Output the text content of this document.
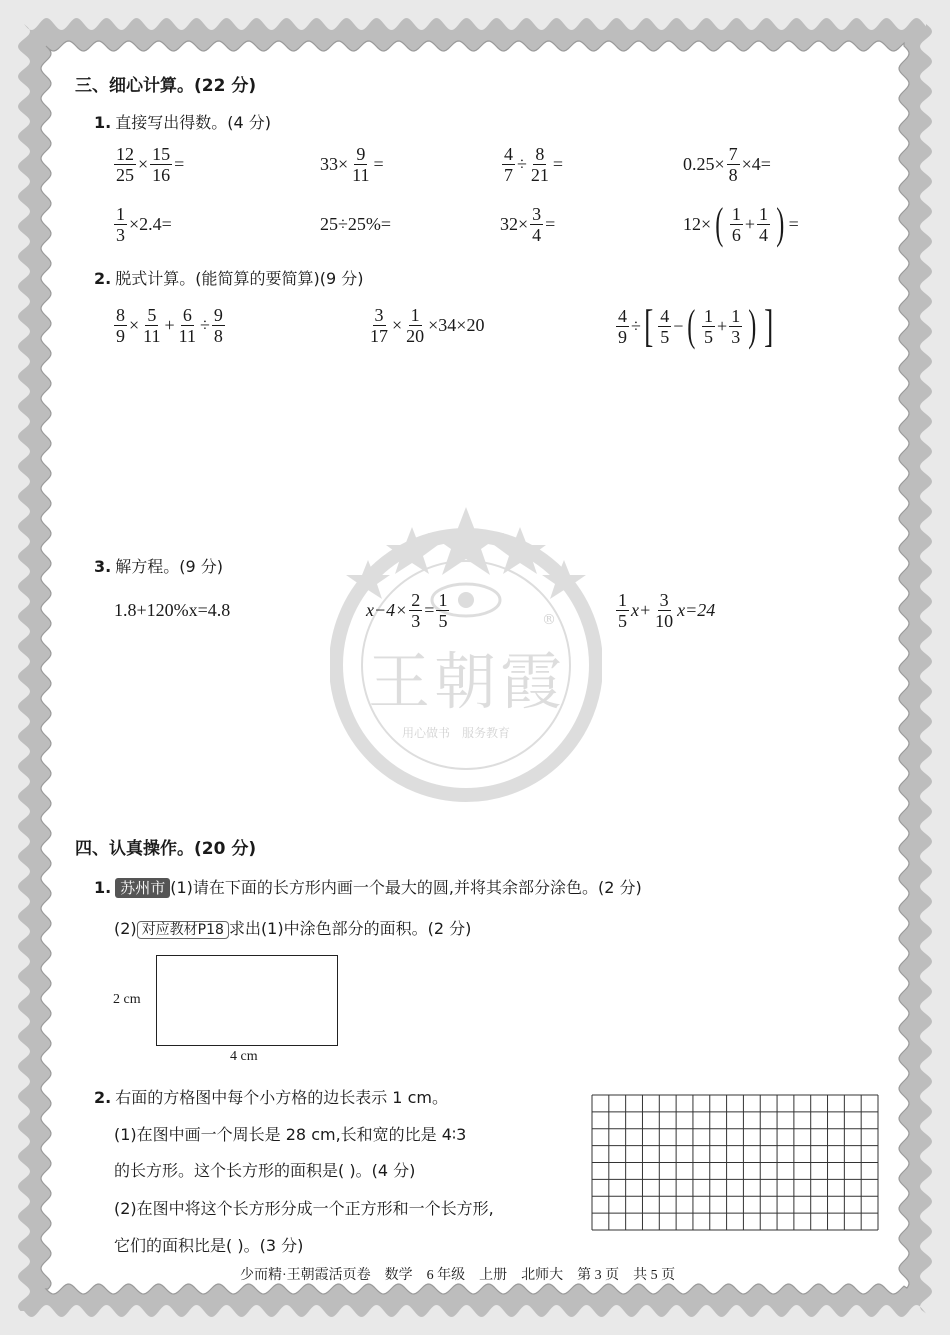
王朝霞
用心做书　服务教育
®
三、细心计算。(22 分)
1. 直接写出得数。(4 分)
$\frac{12}{25} \times \frac{15}{16}$ =	$33\times \frac{9}{11}$ =	$\frac{4}{7} \div \frac{8}{21}$ =	$0.25\times \frac{7}{8} \times 4=$
$\frac{1}{3} \times 2.4=$	25÷25%=	$32\times \frac{3}{4}$ =	12× ( $\frac{1}{6} + \frac{1}{4}$ ) =
2. 脱式计算。(能简算的要简算)(9 分)
$\frac{8}{9} \times \frac{5}{11} + \frac{6}{11} \div \frac{9}{8}$	$\frac{3}{17} \times \frac{1}{20} \times 34\times 20$	$\frac{4}{9}$ ÷ [ $\frac{4}{5}$ − ( $\frac{1}{5} + \frac{1}{3}$ ) ]
3. 解方程。(9 分)
1.8+120%x=4.8	$x-4\times \frac{2}{3} = \frac{1}{5}$	$\frac{1}{5} x+ \frac{3}{10} x=24$
四、认真操作。(20 分)
1. 苏州市 (1)请在下面的长方形内画一个最大的圆,并将其余部分涂色。(2 分)
(2) 对应教材P18 求出(1)中涂色部分的面积。(2 分)
2 cm
4 cm
2. 右面的方格图中每个小方格的边长表示 1 cm。
(1)在图中画一个周长是 28 cm,长和宽的比是 4∶3
的长方形。这个长方形的面积是( )。(4 分)
(2)在图中将这个长方形分成一个正方形和一个长方形,
它们的面积比是( )。(3 分)
少而精·王朝霞活页卷　数学　6 年级　上册　北师大　第 3 页　共 5 页
